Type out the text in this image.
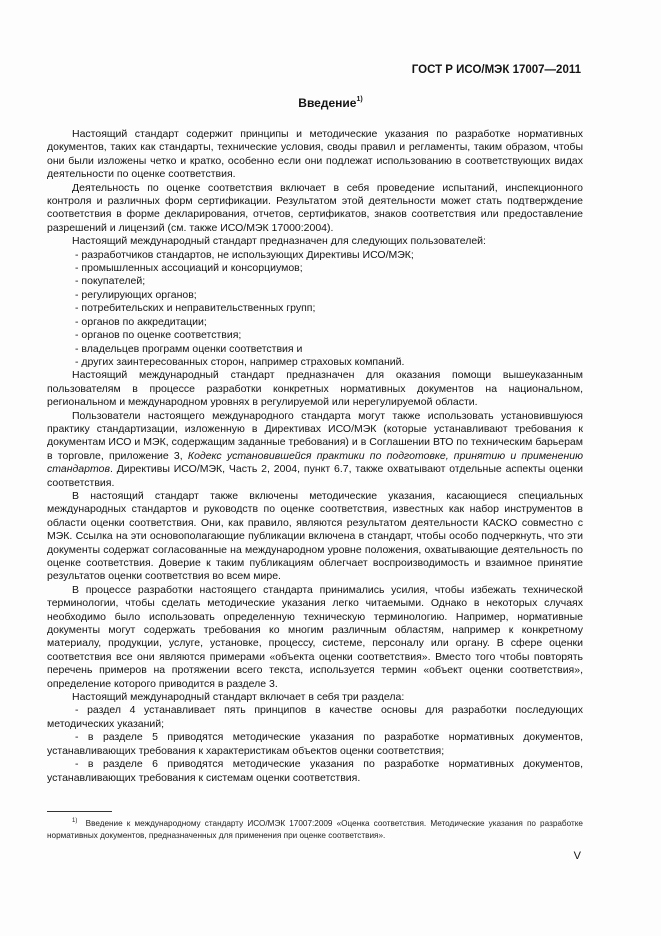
ГОСТ Р ИСО/МЭК 17007—2011
Введение$^{1)}$

Настоящий стандарт содержит принципы и методические указания по разработке нормативных документов, таких как стандарты, технические условия, своды правил и регламенты, таким образом, чтобы они были изложены четко и кратко, особенно если они подлежат использованию в соответствующих видах деятельности по оценке соответствия.

Деятельность по оценке соответствия включает в себя проведение испытаний, инспекционного контроля и различных форм сертификации. Результатом этой деятельности может стать подтверждение соответствия в форме декларирования, отчетов, сертификатов, знаков соответствия или предоставление разрешений и лицензий (см. также ИСО/МЭК 17000:2004).

Настоящий международный стандарт предназначен для следующих пользователей:

- разработчиков стандартов, не использующих Директивы ИСО/МЭК;
- промышленных ассоциаций и консорциумов;
- покупателей;
- регулирующих органов;
- потребительских и неправительственных групп;
- органов по аккредитации;
- органов по оценке соответствия;
- владельцев программ оценки соответствия и
- других заинтересованных сторон, например страховых компаний.

Настоящий международный стандарт предназначен для оказания помощи вышеуказанным пользователям в процессе разработки конкретных нормативных документов на национальном, региональном и международном уровнях в регулируемой или нерегулируемой области.

Пользователи настоящего международного стандарта могут также использовать установившуюся практику стандартизации, изложенную в Директивах ИСО/МЭК (которые устанавливают требования к документам ИСО и МЭК, содержащим заданные требования) и в Соглашении ВТО по техническим барьерам в торговле, приложение 3, Кодекс установившейся практики по подготовке, принятию и применению стандартов. Директивы ИСО/МЭК, Часть 2, 2004, пункт 6.7, также охватывают отдельные аспекты оценки соответствия.

В настоящий стандарт также включены методические указания, касающиеся специальных международных стандартов и руководств по оценке соответствия, известных как набор инструментов в области оценки соответствия. Они, как правило, являются результатом деятельности КАСКО совместно с МЭК. Ссылка на эти основополагающие публикации включена в стандарт, чтобы особо подчеркнуть, что эти документы содержат согласованные на международном уровне положения, охватывающие деятельность по оценке соответствия. Доверие к таким публикациям облегчает воспроизводимость и взаимное принятие результатов оценки соответствия во всем мире.

В процессе разработки настоящего стандарта принимались усилия, чтобы избежать технической терминологии, чтобы сделать методические указания легко читаемыми. Однако в некоторых случаях необходимо было использовать определенную техническую терминологию. Например, нормативные документы могут содержать требования ко многим различным областям, например к конкретному материалу, продукции, услуге, установке, процессу, системе, персоналу или органу. В сфере оценки соответствия все они являются примерами «объекта оценки соответствия». Вместо того чтобы повторять перечень примеров на протяжении всего текста, используется термин «объект оценки соответствия», определение которого приводится в разделе 3.

Настоящий международный стандарт включает в себя три раздела:

- раздел 4 устанавливает пять принципов в качестве основы для разработки последующих методических указаний;
- в разделе 5 приводятся методические указания по разработке нормативных документов, устанавливающих требования к характеристикам объектов оценки соответствия;
- в разделе 6 приводятся методические указания по разработке нормативных документов, устанавливающих требования к системам оценки соответствия.

$^{1)}$ Введение к международному стандарту ИСО/МЭК 17007:2009 «Оценка соответствия. Методические указания по разработке нормативных документов, предназначенных для применения при оценке соответствия».

V
